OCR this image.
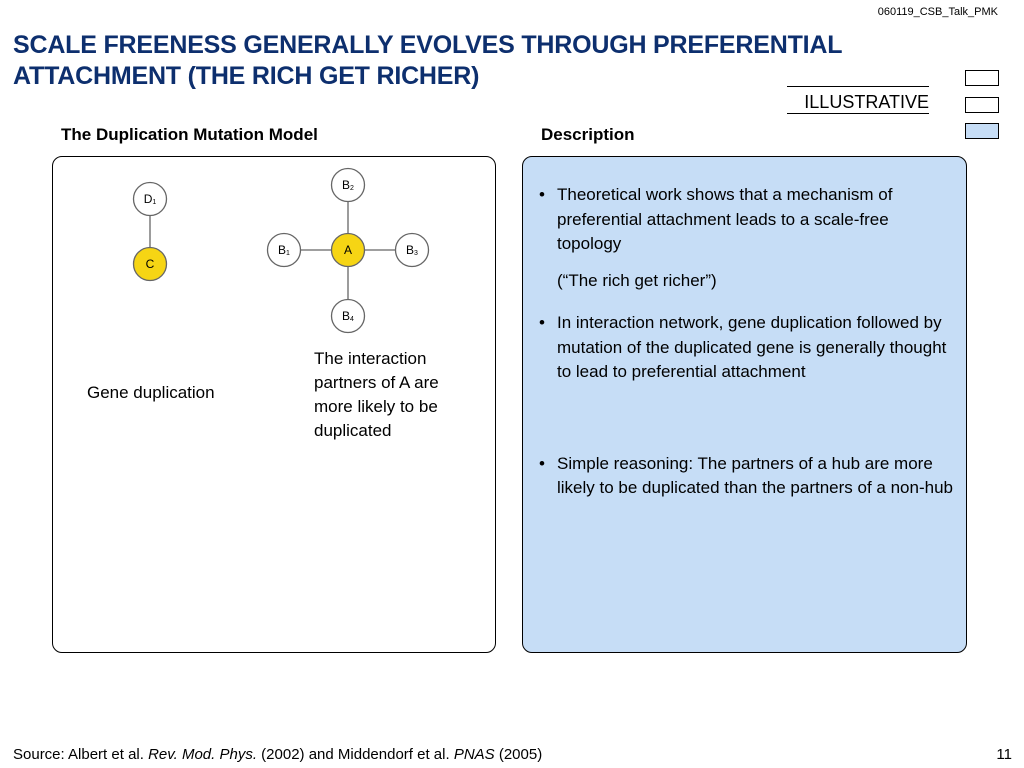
060119_CSB_Talk_PMK
SCALE FREENESS GENERALLY EVOLVES THROUGH PREFERENTIAL ATTACHMENT (THE RICH GET RICHER)
ILLUSTRATIVE
The Duplication Mutation Model	Description
D1
C
B2
B1	A	B3
B4
Gene duplication
The interaction
partners of A are
more likely to be
duplicated
• Theoretical work shows that a mechanism of preferential attachment leads to a scale-free topology
(“The rich get richer”)
• In interaction network, gene duplication followed by mutation of the duplicated gene is generally thought to lead to preferential attachment
• Simple reasoning: The partners of a hub are more likely to be duplicated than the partners of a non-hub
Source: Albert et al. Rev. Mod. Phys. (2002) and Middendorf et al. PNAS (2005)	11
